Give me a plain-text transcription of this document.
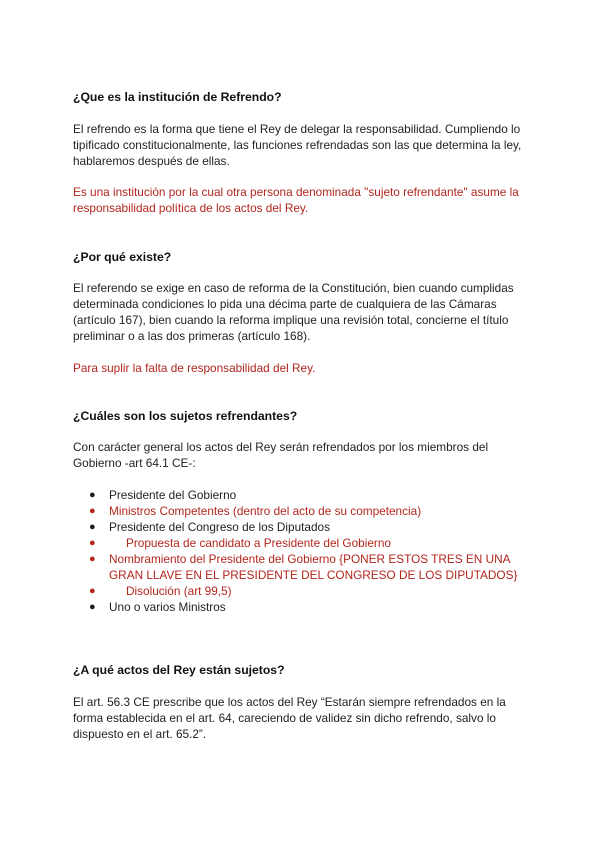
¿Que es la institución de Refrendo?

El refrendo es la forma que tiene el Rey de delegar la responsabilidad. Cumpliendo lo tipificado constitucionalmente, las funciones refrendadas son las que determina la ley, hablaremos después de ellas.

Es una institución por la cual otra persona denominada "sujeto refrendante" asume la responsabilidad política de los actos del Rey.

¿Por qué existe?

El referendo se exige en caso de reforma de la Constitución, bien cuando cumplidas determinada condiciones lo pida una décima parte de cualquiera de las Cámaras (artículo 167), bien cuando la reforma implique una revisión total, concierne el título preliminar o a las dos primeras (artículo 168).

Para suplir la falta de responsabilidad del Rey.

¿Cuáles son los sujetos refrendantes?

Con carácter general los actos del Rey serán refrendados por los miembros del Gobierno -art 64.1 CE-:

● Presidente del Gobierno
● Ministros Competentes (dentro del acto de su competencia)
● Presidente del Congreso de los Diputados
●	Propuesta de candidato a Presidente del Gobierno
● Nombramiento del Presidente del Gobierno {PONER ESTOS TRES EN UNA GRAN LLAVE EN EL PRESIDENTE DEL CONGRESO DE LOS DIPUTADOS}
●	Disolución (art 99,5)
● Uno o varios Ministros
¿A qué actos del Rey están sujetos?

El art. 56.3 CE prescribe que los actos del Rey “Estarán siempre refrendados en la forma establecida en el art. 64, careciendo de validez sin dicho refrendo, salvo lo dispuesto en el art. 65.2”.
